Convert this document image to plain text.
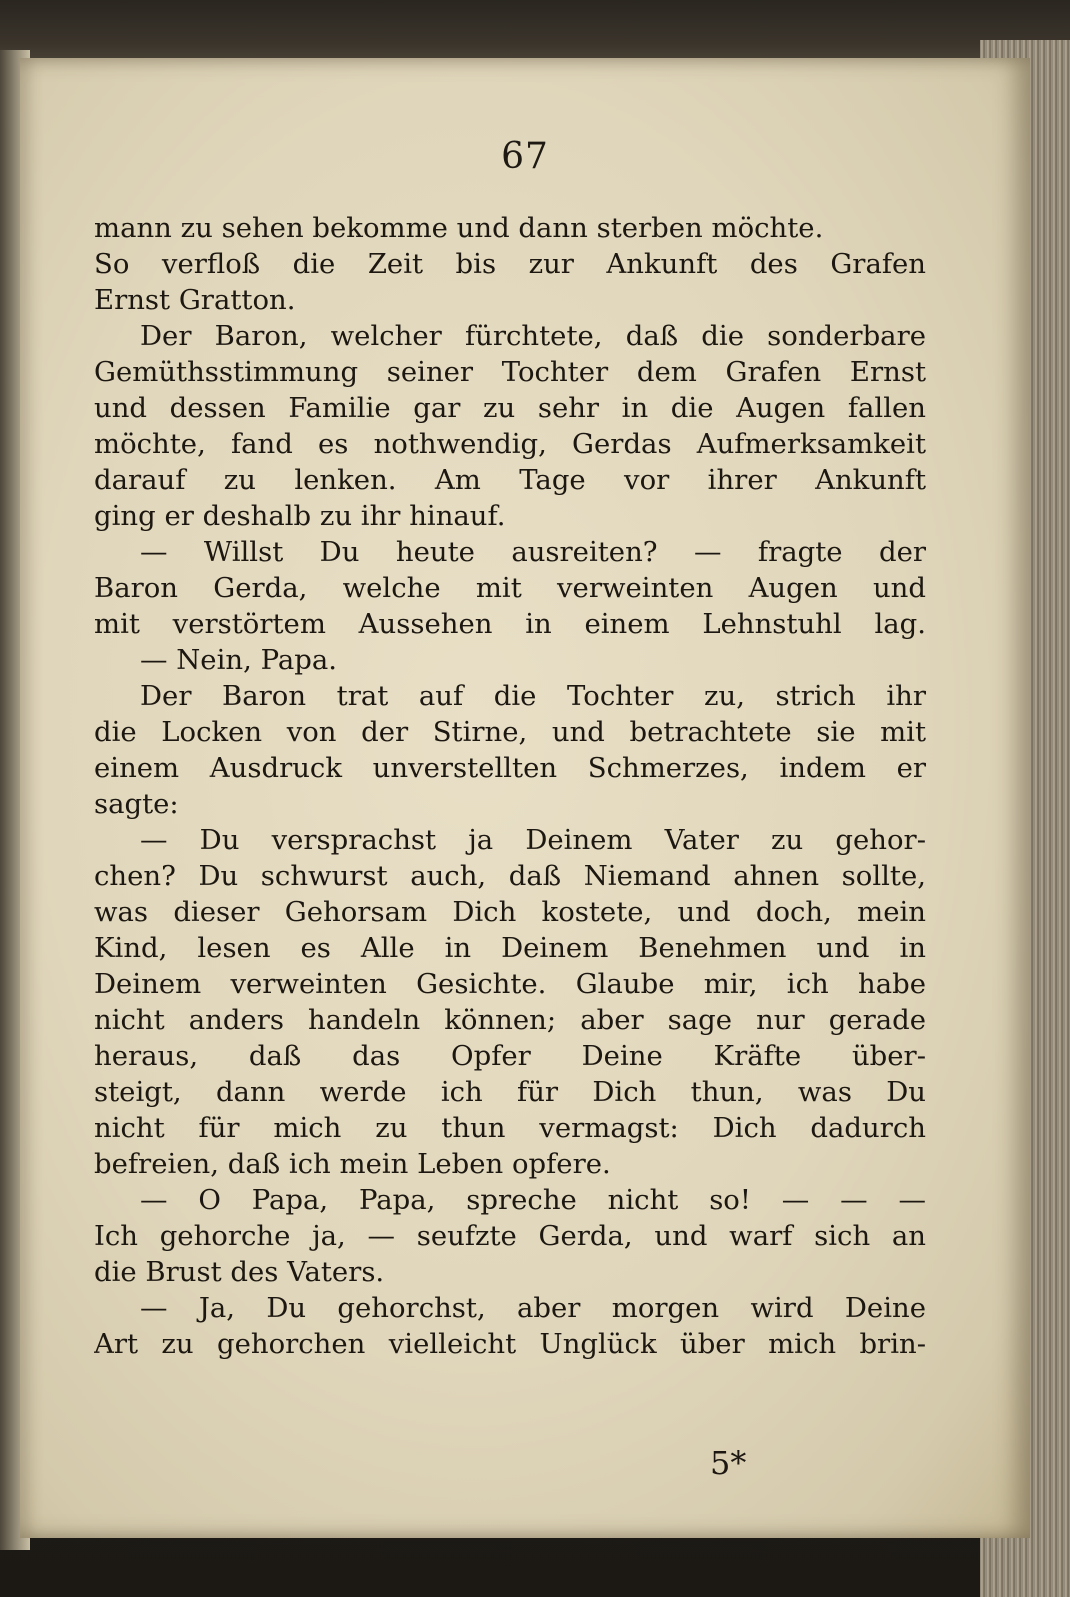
67
mann zu sehen bekomme und dann sterben möchte.
So verfloß die Zeit bis zur Ankunft des Grafen
Ernst Gratton.
Der Baron, welcher fürchtete, daß die sonderbare
Gemüthsstimmung seiner Tochter dem Grafen Ernst
und dessen Familie gar zu sehr in die Augen fallen
möchte, fand es nothwendig, Gerdas Aufmerksamkeit
darauf zu lenken. Am Tage vor ihrer Ankunft
ging er deshalb zu ihr hinauf.
— Willst Du heute ausreiten? — fragte der
Baron Gerda, welche mit verweinten Augen und
mit verstörtem Aussehen in einem Lehnstuhl lag.
— Nein, Papa.
Der Baron trat auf die Tochter zu, strich ihr
die Locken von der Stirne, und betrachtete sie mit
einem Ausdruck unverstellten Schmerzes, indem er
sagte:
— Du versprachst ja Deinem Vater zu gehor-
chen? Du schwurst auch, daß Niemand ahnen sollte,
was dieser Gehorsam Dich kostete, und doch, mein
Kind, lesen es Alle in Deinem Benehmen und in
Deinem verweinten Gesichte. Glaube mir, ich habe
nicht anders handeln können; aber sage nur gerade
heraus, daß das Opfer Deine Kräfte über-
steigt, dann werde ich für Dich thun, was Du
nicht für mich zu thun vermagst: Dich dadurch
befreien, daß ich mein Leben opfere.
— O Papa, Papa, spreche nicht so! — — —
Ich gehorche ja, — seufzte Gerda, und warf sich an
die Brust des Vaters.
— Ja, Du gehorchst, aber morgen wird Deine
Art zu gehorchen vielleicht Unglück über mich brin-
5*
